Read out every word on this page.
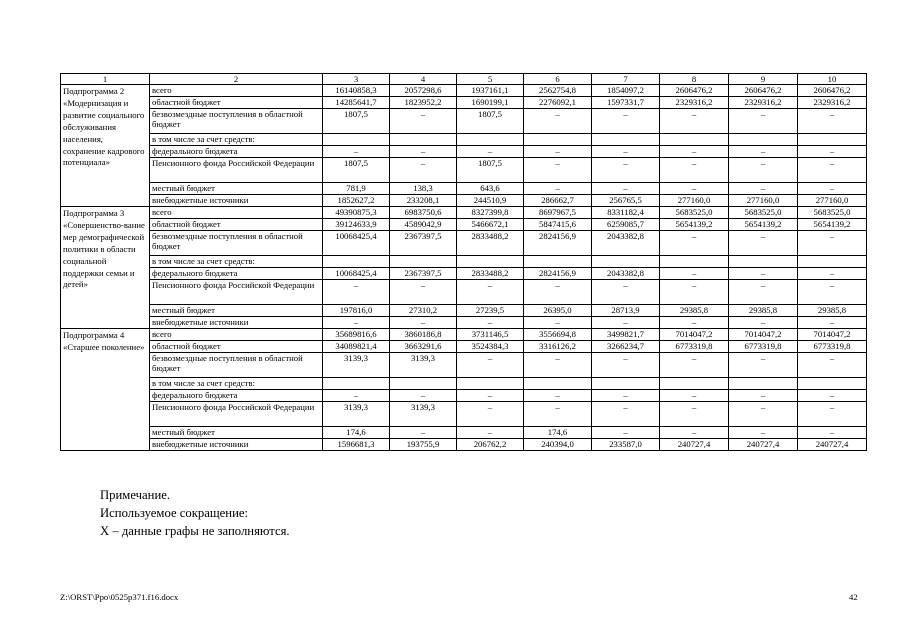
1	2	3	4	5	6	7	8	9	10
Подпрограмма 2 «Модернизация и развитие социального обслуживания населения, сохранение кадрового потенциала»	всего	16140858,3	2057298,6	1937161,1	2562754,8	1854097,2	2606476,2	2606476,2	2606476,2
	областной бюджет	14285641,7	1823952,2	1690199,1	2276092,1	1597331,7	2329316,2	2329316,2	2329316,2
	безвозмездные поступления в областной бюджет	1807,5	–	1807,5	–	–	–	–	–
	в том числе за счет средств:								
	федерального бюджета	–	–	–	–	–	–	–	–
	Пенсионного фонда Российской Федерации	1807,5	–	1807,5	–	–	–	–	–
	местный бюджет	781,9	138,3	643,6	–	–	–	–	–
	внебюджетные источники	1852627,2	233208,1	244510,9	286662,7	256765,5	277160,0	277160,0	277160,0
Подпрограмма 3 «Совершенство-вание мер демографической политики в области социальной поддержки семьи и детей»	всего	49390875,3	6983750,6	8327399,8	8697967,5	8331182,4	5683525,0	5683525,0	5683525,0
	областной бюджет	39124633,9	4589042,9	5466672,1	5847415,6	6259085,7	5654139,2	5654139,2	5654139,2
	безвозмездные поступления в областной бюджет	10068425,4	2367397,5	2833488,2	2824156,9	2043382,8	–	–	–
	в том числе за счет средств:								
	федерального бюджета	10068425,4	2367397,5	2833488,2	2824156,9	2043382,8	–	–	–
	Пенсионного фонда Российской Федерации	–	–	–	–	–	–	–	–
	местный бюджет	197816,0	27310,2	27239,5	26395,0	28713,9	29385,8	29385,8	29385,8
	внебюджетные источники	–	–	–	–	–	–	–	–
Подпрограмма 4 «Старшее поколение»	всего	35689816,6	3860186,8	3731146,5	3556694,8	3499821,7	7014047,2	7014047,2	7014047,2
	областной бюджет	34089821,4	3663291,6	3524384,3	3316126,2	3266234,7	6773319,8	6773319,8	6773319,8
	безвозмездные поступления в областной бюджет	3139,3	3139,3	–	–	–	–	–	–
	в том числе за счет средств:								
	федерального бюджета	–	–	–	–	–	–	–	–
	Пенсионного фонда Российской Федерации	3139,3	3139,3	–	–	–	–	–	–
	местный бюджет	174,6	–	–	174,6	–	–	–	–
	внебюджетные источники	1596681,3	193755,9	206762,2	240394,0	233587,0	240727,4	240727,4	240727,4
Примечание.
Используемое сокращение:
Х – данные графы не заполняются.
Z:\ORST\Ppo\0525p371.f16.docx	42
